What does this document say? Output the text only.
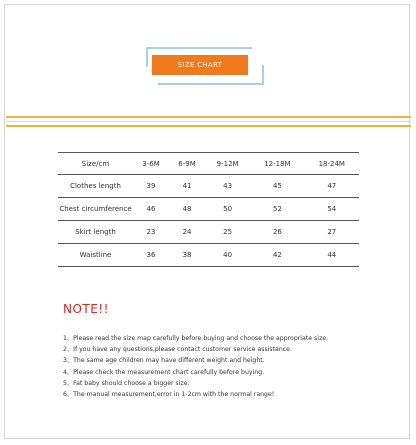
SIZE CHART
Size/cm	3-6M	6-9M	9-12M	12-18M	18-24M
Clothes length	39	41	43	45	47
Chest circumference	46	48	50	52	54
Skirt length	23	24	25	26	27
Waistline	36	38	40	42	44
NOTE!!
1、Please read the size map carefully before buying and choose the appropriate size.
2、If you have any questions,please contact customer service assistance.
3、The same age children may have different weight and height.
4、Please check the measurement chart carefully before buying.
5、Fat baby should choose a bigger size.
6、The manual measurement,error in 1-2cm with the normal range!
